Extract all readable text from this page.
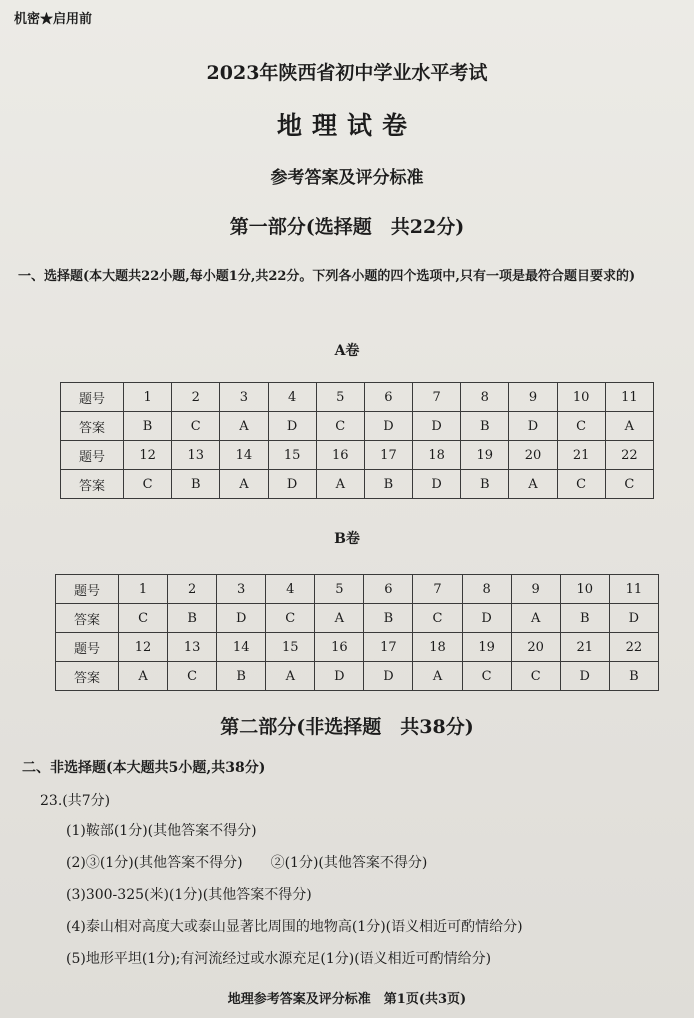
机密★启用前
2023年陕西省初中学业水平考试
地理试卷
参考答案及评分标准
第一部分(选择题　共22分)
一、选择题(本大题共22小题,每小题1分,共22分。下列各小题的四个选项中,只有一项是最符合题目要求的)
A卷
题号	1	2	3	4	5	6	7	8	9	10	11
答案	B	C	A	D	C	D	D	B	D	C	A
题号	12	13	14	15	16	17	18	19	20	21	22
答案	C	B	A	D	A	B	D	B	A	C	C
B卷
题号	1	2	3	4	5	6	7	8	9	10	11
答案	C	B	D	C	A	B	C	D	A	B	D
题号	12	13	14	15	16	17	18	19	20	21	22
答案	A	C	B	A	D	D	A	C	C	D	B
第二部分(非选择题　共38分)
二、非选择题(本大题共5小题,共38分)
23.(共7分)
(1)鞍部(1分)(其他答案不得分)
(2)③(1分)(其他答案不得分)　　②(1分)(其他答案不得分)
(3)300-325(米)(1分)(其他答案不得分)
(4)泰山相对高度大或泰山显著比周围的地物高(1分)(语义相近可酌情给分)
(5)地形平坦(1分);有河流经过或水源充足(1分)(语义相近可酌情给分)
地理参考答案及评分标准　第1页(共3页)
